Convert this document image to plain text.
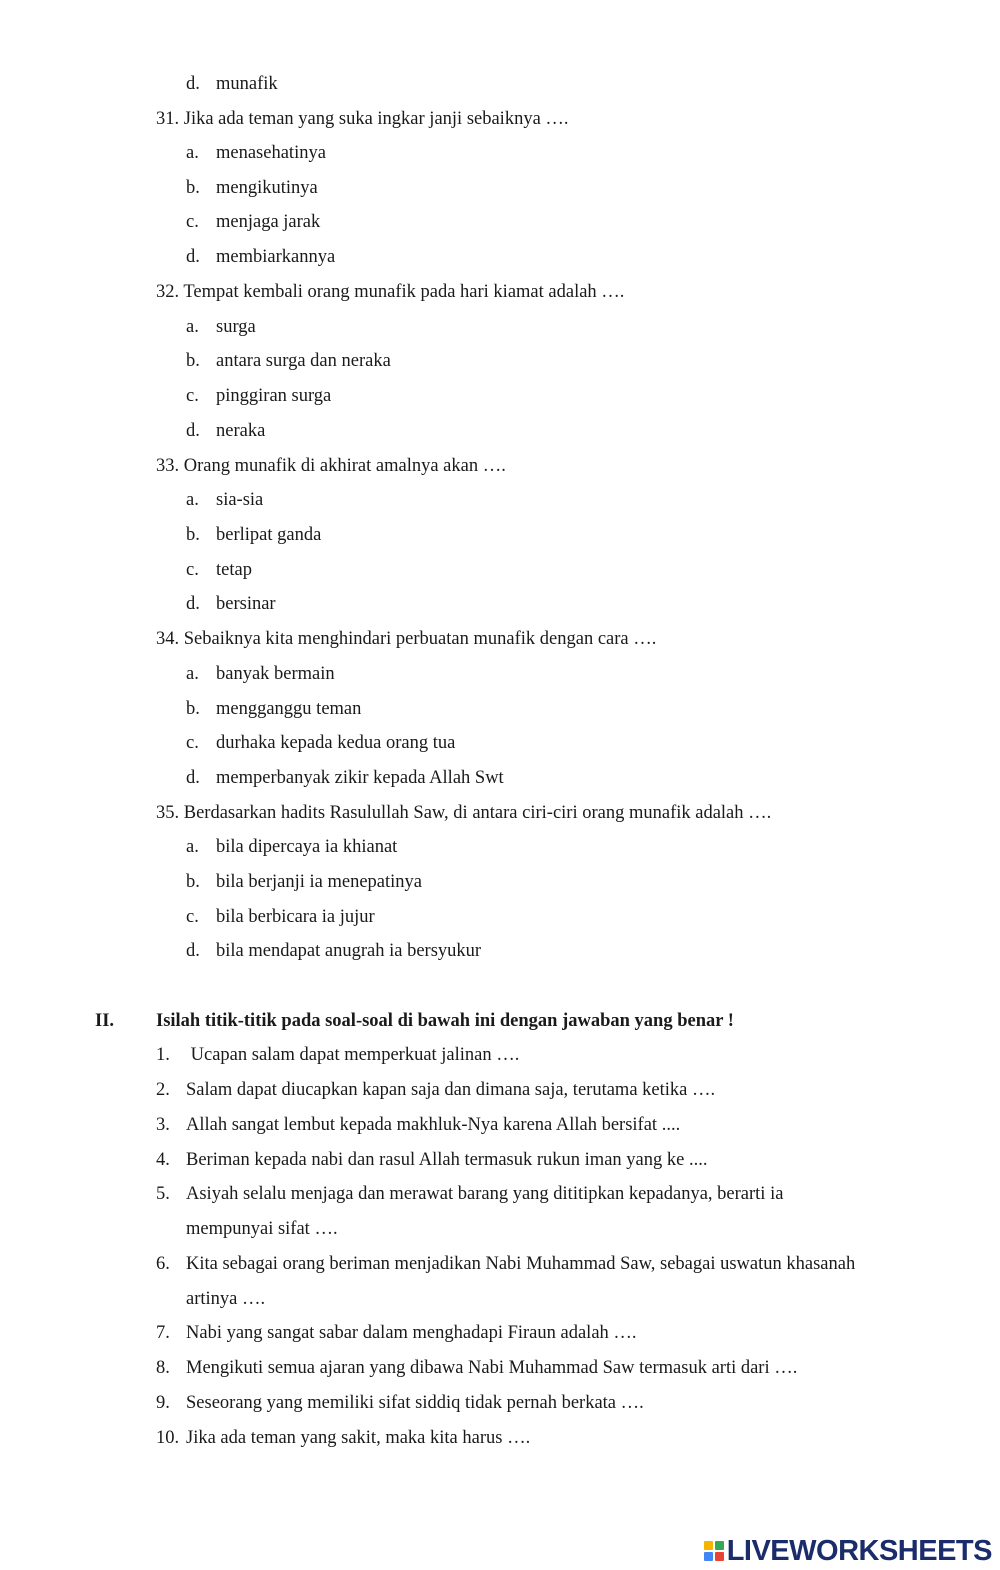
d. munafik
31. Jika ada teman yang suka ingkar janji sebaiknya ….
a. menasehatinya
b. mengikutinya
c. menjaga jarak
d. membiarkannya
32. Tempat kembali orang munafik pada hari kiamat adalah ….
a. surga
b. antara surga dan neraka
c. pinggiran surga
d. neraka
33. Orang munafik di akhirat amalnya akan ….
a. sia-sia
b. berlipat ganda
c. tetap
d. bersinar
34. Sebaiknya kita menghindari perbuatan munafik dengan cara ….
a. banyak bermain
b. mengganggu teman
c. durhaka kepada kedua orang tua
d. memperbanyak zikir kepada Allah Swt
35. Berdasarkan hadits Rasulullah Saw, di antara ciri-ciri orang munafik adalah ….
a. bila dipercaya ia khianat
b. bila berjanji ia menepatinya
c. bila berbicara ia jujur
d. bila mendapat anugrah ia bersyukur
II. Isilah titik-titik pada soal-soal di bawah ini dengan jawaban yang benar !
1. Ucapan salam dapat memperkuat jalinan ….
2. Salam dapat diucapkan kapan saja dan dimana saja, terutama ketika ….
3. Allah sangat lembut kepada makhluk-Nya karena Allah bersifat ....
4. Beriman kepada nabi dan rasul Allah termasuk rukun iman yang ke ....
5. Asiyah selalu menjaga dan merawat barang yang dititipkan kepadanya, berarti ia
mempunyai sifat ….
6. Kita sebagai orang beriman menjadikan Nabi Muhammad Saw, sebagai uswatun khasanah
artinya ….
7. Nabi yang sangat sabar dalam menghadapi Firaun adalah ….
8. Mengikuti semua ajaran yang dibawa Nabi Muhammad Saw termasuk arti dari ….
9. Seseorang yang memiliki sifat siddiq tidak pernah berkata ….
10. Jika ada teman yang sakit, maka kita harus ….
LIVEWORKSHEETS
